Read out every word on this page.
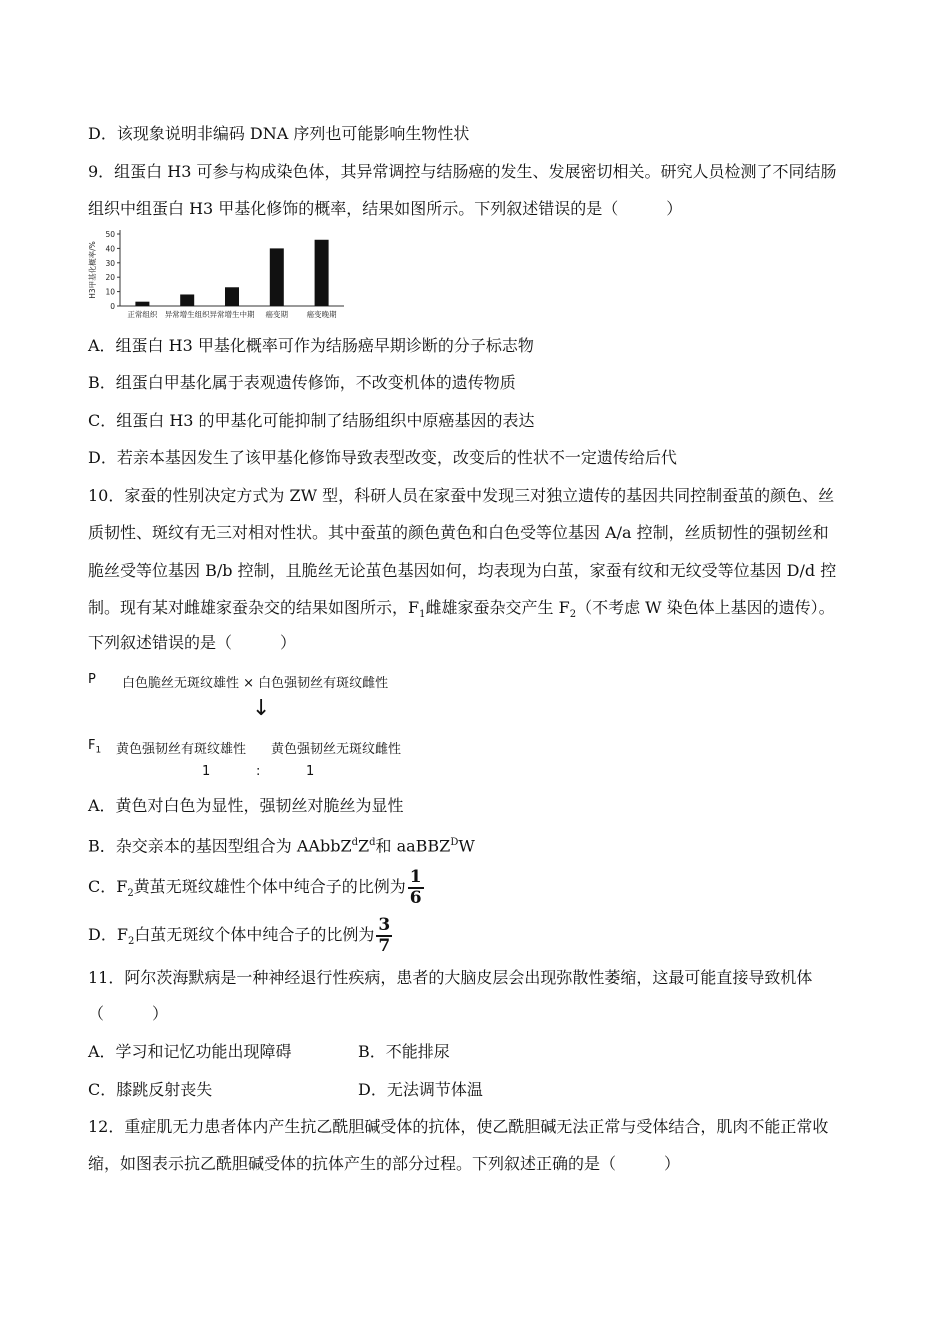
D．该现象说明非编码 DNA 序列也可能影响生物性状
9．组蛋白 H3 可参与构成染色体，其异常调控与结肠癌的发生、发展密切相关。研究人员检测了不同结肠
组织中组蛋白 H3 甲基化修饰的概率，结果如图所示。下列叙述错误的是（　　　）
H3甲基化概率/%
0
10
20
30
40
50
正常组织 异常增生组织 异常增生中期 癌变期 癌变晚期
A．组蛋白 H3 甲基化概率可作为结肠癌早期诊断的分子标志物
B．组蛋白甲基化属于表观遗传修饰，不改变机体的遗传物质
C．组蛋白 H3 的甲基化可能抑制了结肠组织中原癌基因的表达
D．若亲本基因发生了该甲基化修饰导致表型改变，改变后的性状不一定遗传给后代
10．家蚕的性别决定方式为 ZW 型，科研人员在家蚕中发现三对独立遗传的基因共同控制蚕茧的颜色、丝
质韧性、斑纹有无三对相对性状。其中蚕茧的颜色黄色和白色受等位基因 A/a 控制，丝质韧性的强韧丝和
脆丝受等位基因 B/b 控制，且脆丝无论茧色基因如何，均表现为白茧，家蚕有纹和无纹受等位基因 D/d 控
制。现有某对雌雄家蚕杂交的结果如图所示，$F_1$雌雄家蚕杂交产生 $F_2$（不考虑 W 染色体上基因的遗传）。
下列叙述错误的是（　　　）
P 白色脆丝无斑纹雄性 × 白色强韧丝有斑纹雌性
↓
$F_1$ 黄色强韧丝有斑纹雄性 黄色强韧丝无斑纹雌性
1	:	1
A．黄色对白色为显性，强韧丝对脆丝为显性
B．杂交亲本的基因型组合为 $AAbbZ^dZ^d$和 aaBBZ$^D$W
C．$F_2$黄茧无斑纹雄性个体中纯合子的比例为 $\frac{1}{6}$
D．$F_2$白茧无斑纹个体中纯合子的比例为 $\frac{3}{7}$
11．阿尔茨海默病是一种神经退行性疾病，患者的大脑皮层会出现弥散性萎缩，这最可能直接导致机体
（　　　）
A．学习和记忆功能出现障碍	B．不能排尿
C．膝跳反射丧失	D．无法调节体温
12．重症肌无力患者体内产生抗乙酰胆碱受体的抗体，使乙酰胆碱无法正常与受体结合，肌肉不能正常收
缩，如图表示抗乙酰胆碱受体的抗体产生的部分过程。下列叙述正确的是（　　　）
